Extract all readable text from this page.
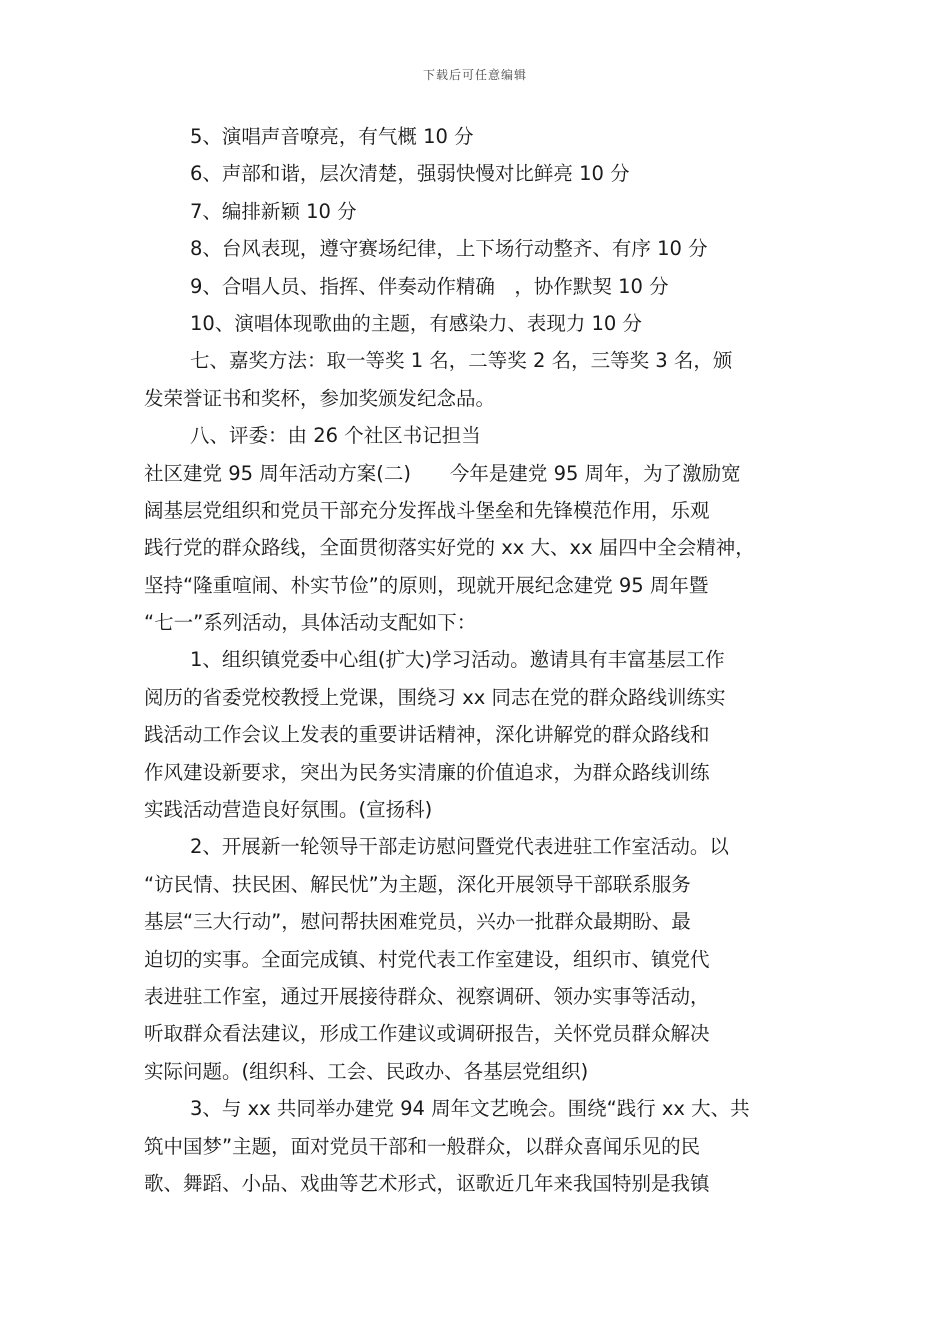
下载后可任意编辑
5、演唱声音嘹亮，有气概 10 分
6、声部和谐，层次清楚，强弱快慢对比鲜亮 10 分
7、编排新颖 10 分
8、台风表现，遵守赛场纪律，上下场行动整齐、有序 10 分
9、合唱人员、指挥、伴奏动作精确　，协作默契 10 分
10、演唱体现歌曲的主题，有感染力、表现力 10 分
七、嘉奖方法：取一等奖 1 名，二等奖 2 名，三等奖 3 名，颁
发荣誉证书和奖杯，参加奖颁发纪念品。
八、评委：由 26 个社区书记担当
社区建党 95 周年活动方案(二)　　今年是建党 95 周年，为了激励宽
阔基层党组织和党员干部充分发挥战斗堡垒和先锋模范作用，乐观
践行党的群众路线，全面贯彻落实好党的 xx 大、xx 届四中全会精神，
坚持“隆重喧闹、朴实节俭”的原则，现就开展纪念建党 95 周年暨
“七一”系列活动，具体活动支配如下：
1、组织镇党委中心组(扩大)学习活动。邀请具有丰富基层工作
阅历的省委党校教授上党课，围绕习 xx 同志在党的群众路线训练实
践活动工作会议上发表的重要讲话精神，深化讲解党的群众路线和
作风建设新要求，突出为民务实清廉的价值追求，为群众路线训练
实践活动营造良好氛围。(宣扬科)
2、开展新一轮领导干部走访慰问暨党代表进驻工作室活动。以
“访民情、扶民困、解民忧”为主题，深化开展领导干部联系服务
基层“三大行动”，慰问帮扶困难党员，兴办一批群众最期盼、最
迫切的实事。全面完成镇、村党代表工作室建设，组织市、镇党代
表进驻工作室，通过开展接待群众、视察调研、领办实事等活动，
听取群众看法建议，形成工作建议或调研报告，关怀党员群众解决
实际问题。(组织科、工会、民政办、各基层党组织)
3、与 xx 共同举办建党 94 周年文艺晚会。围绕“践行 xx 大、共
筑中国梦”主题，面对党员干部和一般群众，以群众喜闻乐见的民
歌、舞蹈、小品、戏曲等艺术形式，讴歌近几年来我国特别是我镇
